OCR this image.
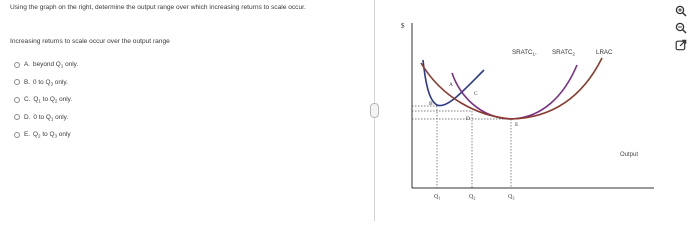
Using the graph on the right, determine the output range over which increasing returns to scale occur.
Increasing returns to scale occur over the output range
A. beyond $Q_1$ only.
B. 0 to $Q_3$ only.
C. $Q_1$ to $Q_2$ only.
D. 0 to $Q_1$ only.
E. $Q_2$ to $Q_3$ only
$
Output
$SRATC_1$, $SRATC_2$	LRAC
A
B
C
D
E
$Q_1$	$Q_2$	$Q_3$
